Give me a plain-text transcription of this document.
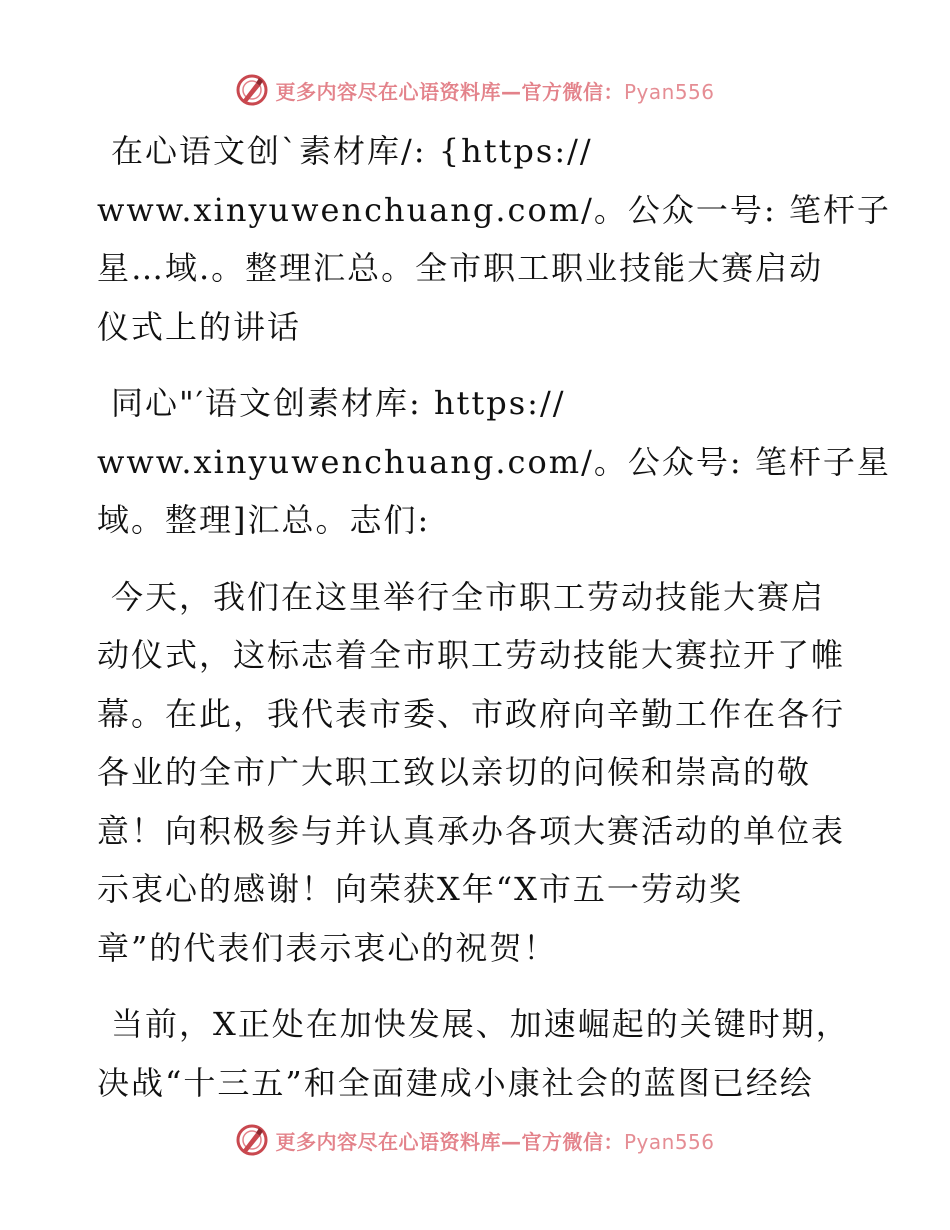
更多内容尽在心语资料库—官方微信：Pyan556
在心语文创`素材库/: {https://
www.xinyuwenchuang.com/。公众一号: 笔杆子
星…域.。整理汇总。全市职工职业技能大赛启动
仪式上的讲话
同心"′语文创素材库: https://
www.xinyuwenchuang.com/。公众号: 笔杆子星
域。整理]汇总。志们:
今天，我们在这里举行全市职工劳动技能大赛启
动仪式，这标志着全市职工劳动技能大赛拉开了帷
幕。在此，我代表市委、市政府向辛勤工作在各行
各业的全市广大职工致以亲切的问候和崇高的敬
意！向积极参与并认真承办各项大赛活动的单位表
示衷心的感谢！向荣获X年“X市五一劳动奖
章”的代表们表示衷心的祝贺！
当前，X正处在加快发展、加速崛起的关键时期，
决战“十三五”和全面建成小康社会的蓝图已经绘
更多内容尽在心语资料库—官方微信：Pyan556
